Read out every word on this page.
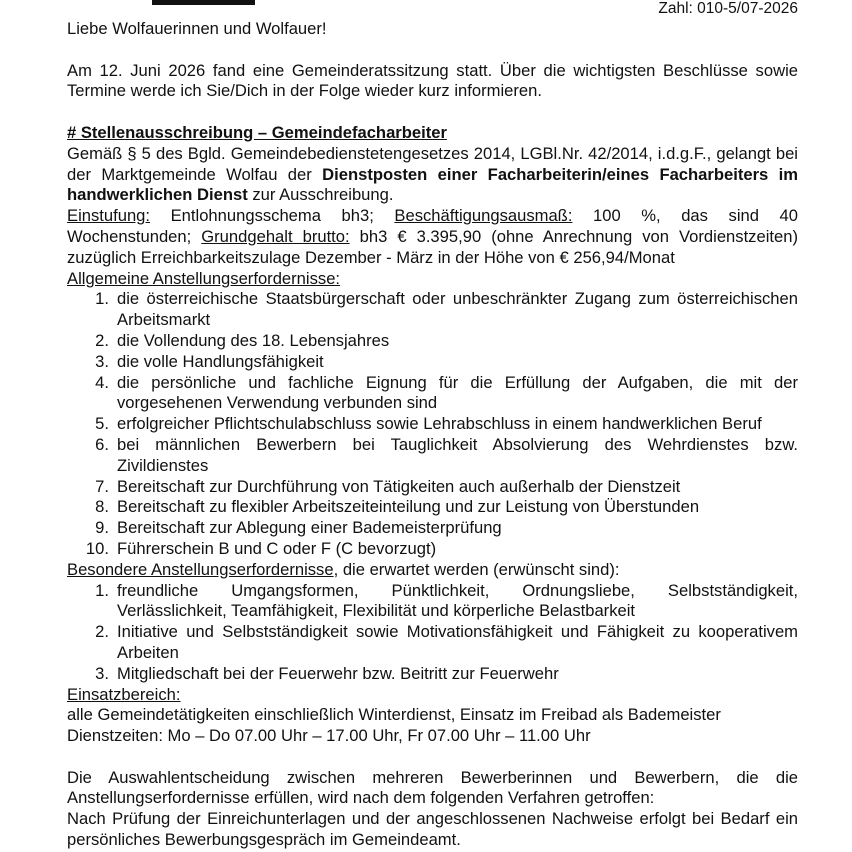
Zahl: 010-5/07-2026

Liebe Wolfauerinnen und Wolfauer!

Am 12. Juni 2026 fand eine Gemeinderatssitzung statt. Über die wichtigsten Beschlüsse sowie Termine werde ich Sie/Dich in der Folge wieder kurz informieren.

# Stellenausschreibung – Gemeindefacharbeiter

Gemäß § 5 des Bgld. Gemeindebedienstetengesetzes 2014, LGBl.Nr. 42/2014, i.d.g.F., gelangt bei der Marktgemeinde Wolfau der Dienstposten einer Facharbeiterin/eines Facharbeiters im handwerklichen Dienst zur Ausschreibung.

Einstufung: Entlohnungsschema bh3; Beschäftigungsausmaß: 100 %, das sind 40 Wochenstunden; Grundgehalt brutto: bh3 € 3.395,90 (ohne Anrechnung von Vordienstzeiten) zuzüglich Erreichbarkeitszulage Dezember - März in der Höhe von € 256,94/Monat

Allgemeine Anstellungserfordernisse:

1. die österreichische Staatsbürgerschaft oder unbeschränkter Zugang zum österreichischen Arbeitsmarkt
2. die Vollendung des 18. Lebensjahres
3. die volle Handlungsfähigkeit
4. die persönliche und fachliche Eignung für die Erfüllung der Aufgaben, die mit der vorgesehenen Verwendung verbunden sind
5. erfolgreicher Pflichtschulabschluss sowie Lehrabschluss in einem handwerklichen Beruf
6. bei männlichen Bewerbern bei Tauglichkeit Absolvierung des Wehrdienstes bzw. Zivildienstes
7. Bereitschaft zur Durchführung von Tätigkeiten auch außerhalb der Dienstzeit
8. Bereitschaft zu flexibler Arbeitszeiteinteilung und zur Leistung von Überstunden
9. Bereitschaft zur Ablegung einer Bademeisterprüfung
10. Führerschein B und C oder F (C bevorzugt)

Besondere Anstellungserfordernisse, die erwartet werden (erwünscht sind):

1. freundliche Umgangsformen, Pünktlichkeit, Ordnungsliebe, Selbstständigkeit, Verlässlichkeit, Teamfähigkeit, Flexibilität und körperliche Belastbarkeit
2. Initiative und Selbstständigkeit sowie Motivationsfähigkeit und Fähigkeit zu kooperativem Arbeiten
3. Mitgliedschaft bei der Feuerwehr bzw. Beitritt zur Feuerwehr

Einsatzbereich:

alle Gemeindetätigkeiten einschließlich Winterdienst, Einsatz im Freibad als Bademeister

Dienstzeiten: Mo – Do 07.00 Uhr – 17.00 Uhr, Fr 07.00 Uhr – 11.00 Uhr

Die Auswahlentscheidung zwischen mehreren Bewerberinnen und Bewerbern, die die Anstellungserfordernisse erfüllen, wird nach dem folgenden Verfahren getroffen:

Nach Prüfung der Einreichunterlagen und der angeschlossenen Nachweise erfolgt bei Bedarf ein persönliches Bewerbungsgespräch im Gemeindeamt.
